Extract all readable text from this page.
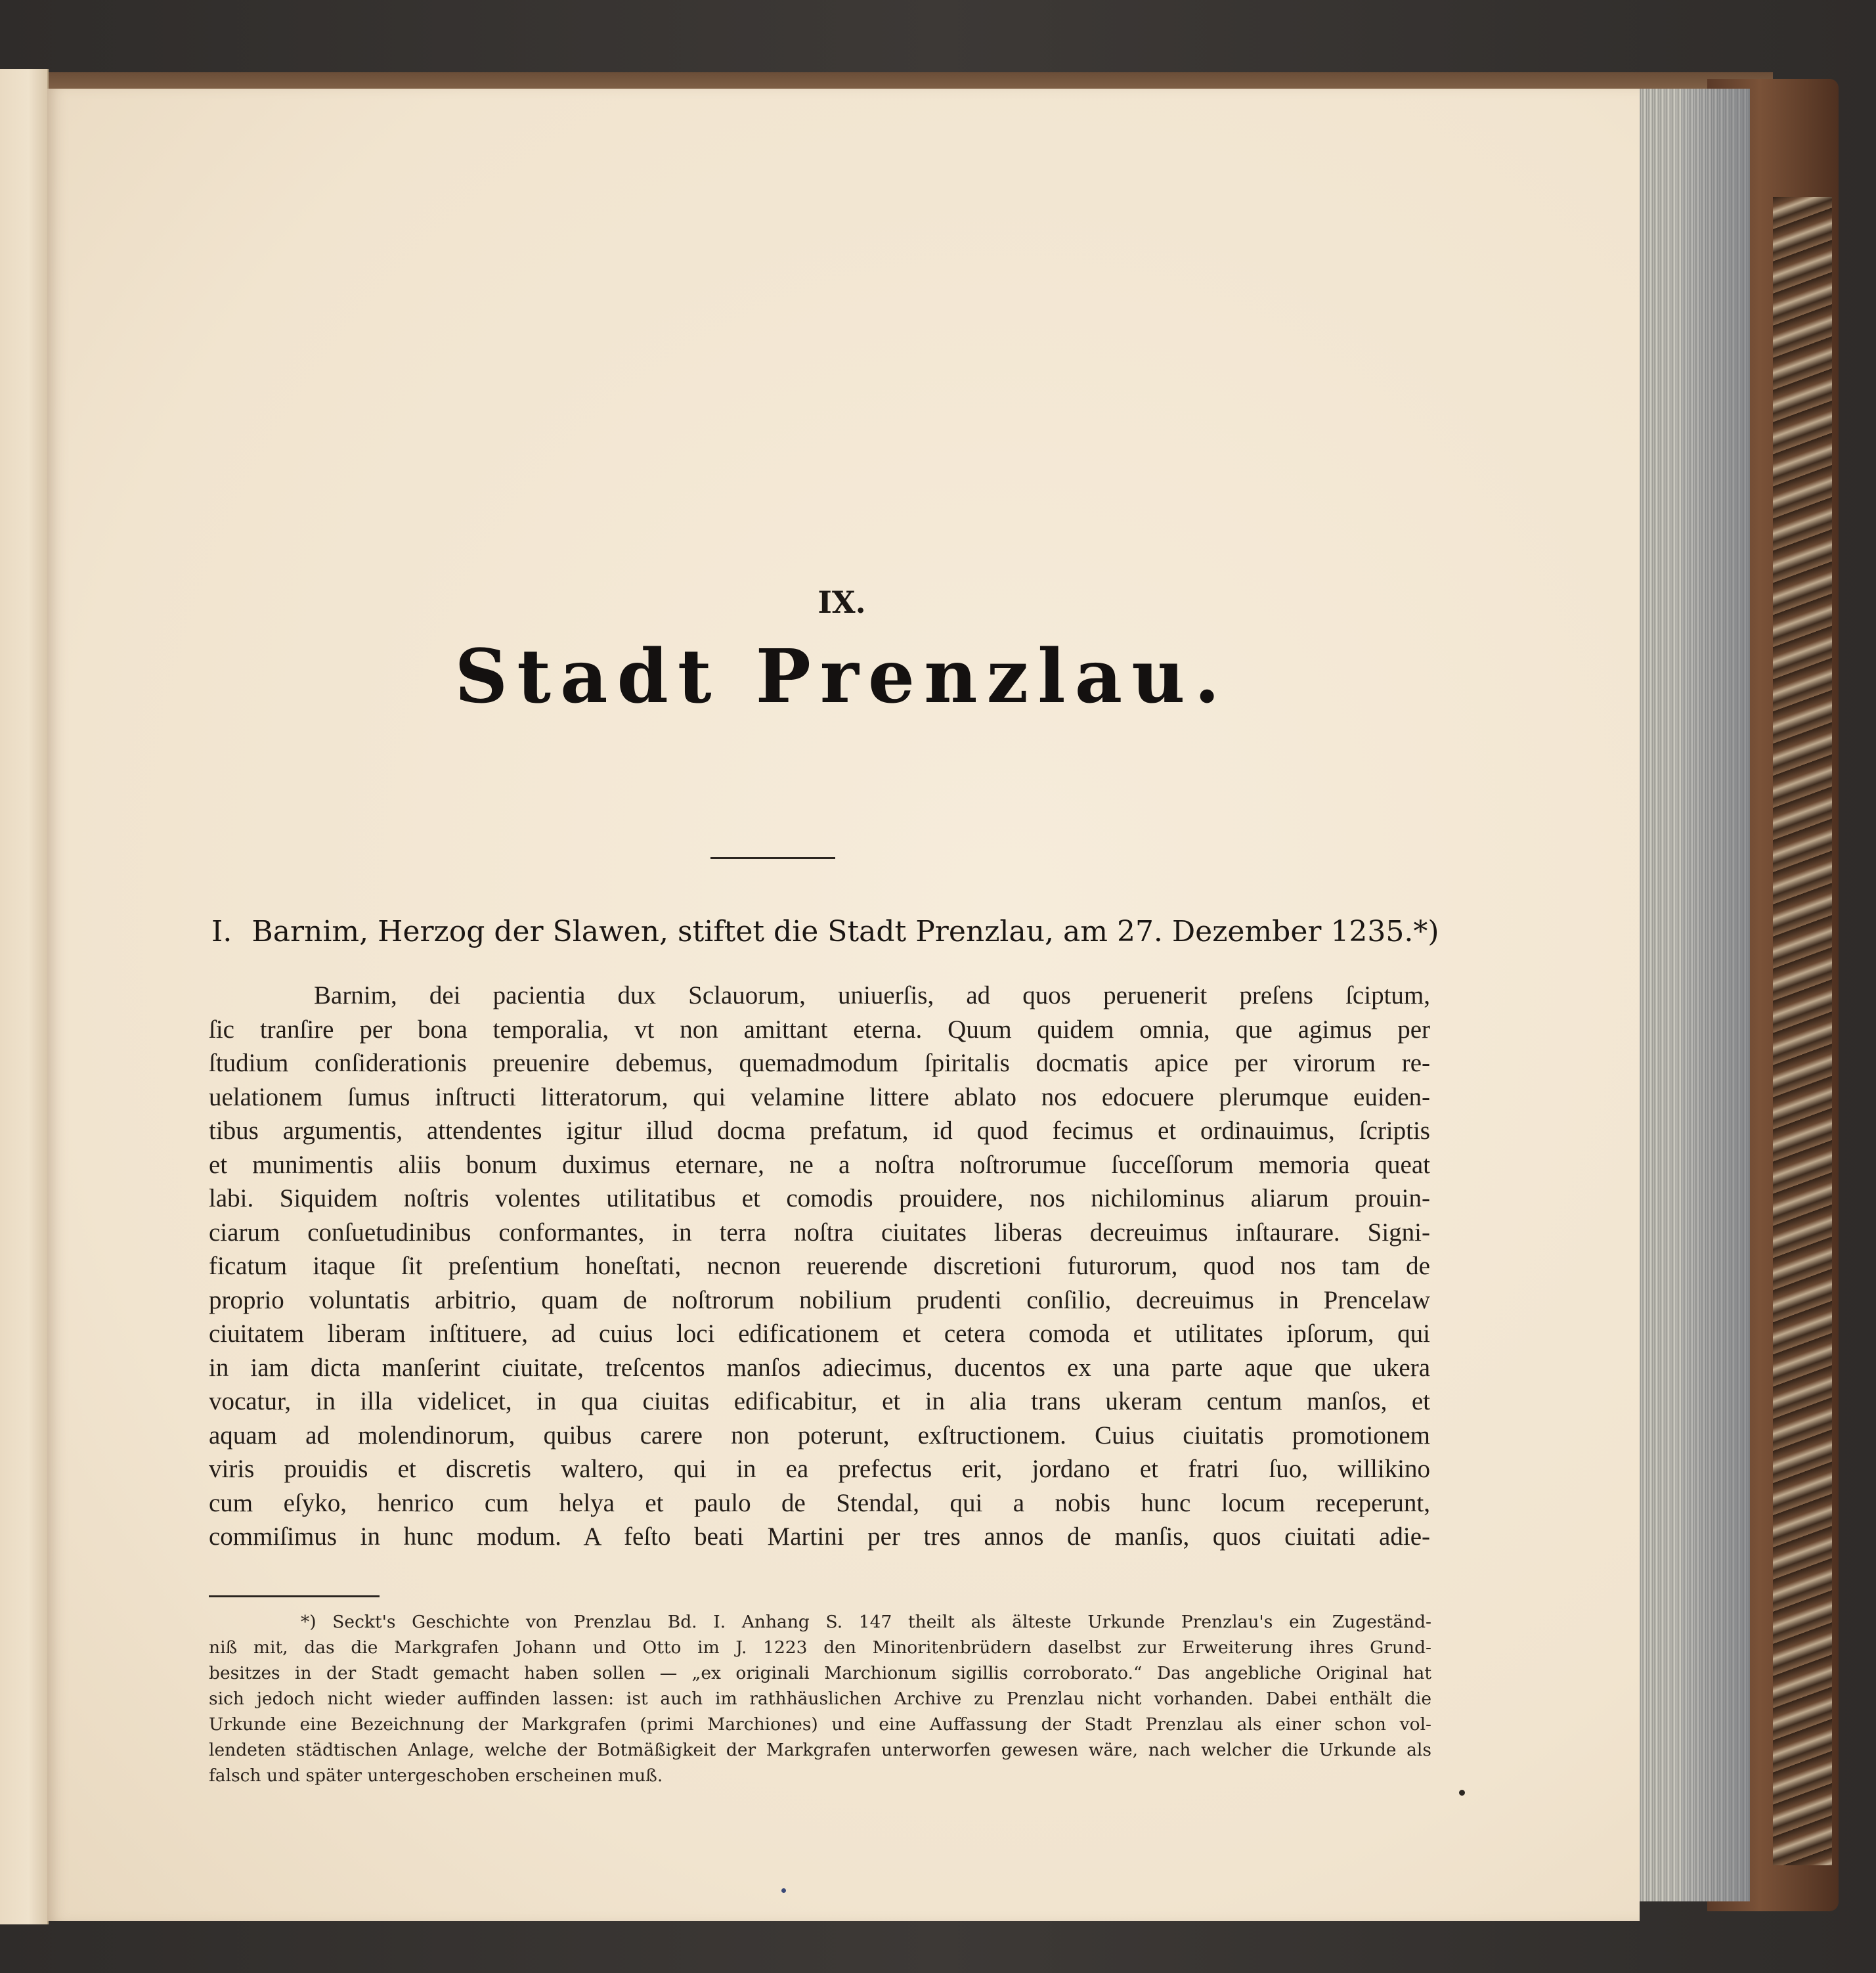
IX.
Stadt Prenzlau.
I. Barnim, Herzog der Slawen, stiftet die Stadt Prenzlau, am 27. Dezember 1235.*)
Barnim, dei pacientia dux Sclauorum, uniuerſis, ad quos peruenerit preſens ſciptum,
ſic tranſire per bona temporalia, vt non amittant eterna. Quum quidem omnia, que agimus per
ſtudium conſiderationis preuenire debemus, quemadmodum ſpiritalis docmatis apice per virorum re-
uelationem ſumus inſtructi litteratorum, qui velamine littere ablato nos edocuere plerumque euiden-
tibus argumentis, attendentes igitur illud docma prefatum, id quod fecimus et ordinauimus, ſcriptis
et munimentis aliis bonum duximus eternare, ne a noſtra noſtrorumue ſucceſſorum memoria queat
labi. Siquidem noſtris volentes utilitatibus et comodis prouidere, nos nichilominus aliarum prouin-
ciarum conſuetudinibus conformantes, in terra noſtra ciuitates liberas decreuimus inſtaurare. Signi-
ficatum itaque ſit preſentium honeſtati, necnon reuerende discretioni futurorum, quod nos tam de
proprio voluntatis arbitrio, quam de noſtrorum nobilium prudenti conſilio, decreuimus in Prencelaw
ciuitatem liberam inſtituere, ad cuius loci edificationem et cetera comoda et utilitates ipſorum, qui
in iam dicta manſerint ciuitate, treſcentos manſos adiecimus, ducentos ex una parte aque que ukera
vocatur, in illa videlicet, in qua ciuitas edificabitur, et in alia trans ukeram centum manſos, et
aquam ad molendinorum, quibus carere non poterunt, exſtructionem. Cuius ciuitatis promotionem
viris prouidis et discretis waltero, qui in ea prefectus erit, jordano et fratri ſuo, willikino
cum eſyko, henrico cum helya et paulo de Stendal, qui a nobis hunc locum receperunt,
commiſimus in hunc modum. A feſto beati Martini per tres annos de manſis, quos ciuitati adie-
*) Seckt's Geschichte von Prenzlau Bd. I. Anhang S. 147 theilt als älteste Urkunde Prenzlau's ein Zugeständ-
niß mit, das die Markgrafen Johann und Otto im J. 1223 den Minoritenbrüdern daselbst zur Erweiterung ihres Grund-
besitzes in der Stadt gemacht haben sollen — „ex originali Marchionum sigillis corroborato.“ Das angebliche Original hat
sich jedoch nicht wieder auffinden lassen: ist auch im rathhäuslichen Archive zu Prenzlau nicht vorhanden. Dabei enthält die
Urkunde eine Bezeichnung der Markgrafen (primi Marchiones) und eine Auffassung der Stadt Prenzlau als einer schon vol-
lendeten städtischen Anlage, welche der Botmäßigkeit der Markgrafen unterworfen gewesen wäre, nach welcher die Urkunde als
falsch und später untergeschoben erscheinen muß.
